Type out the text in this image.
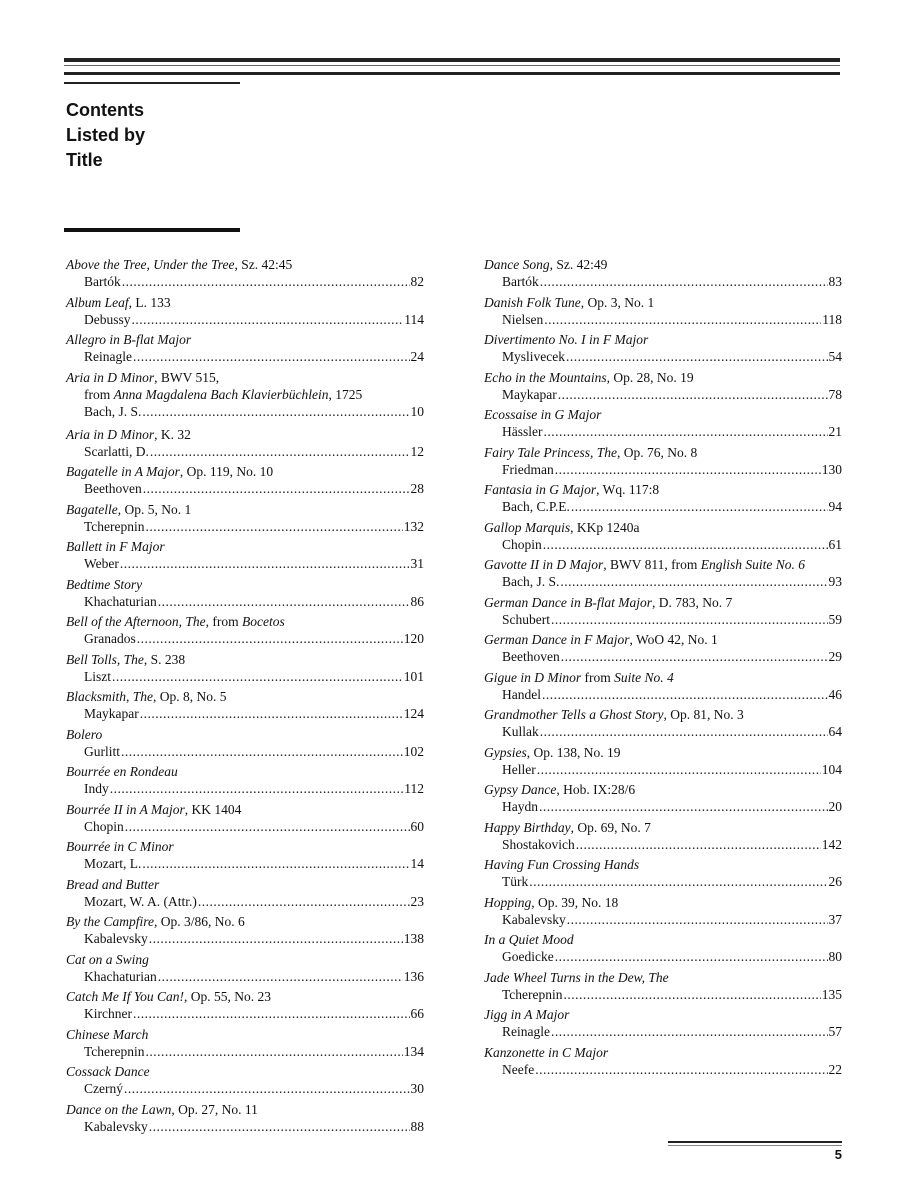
Contents
Listed by
Title
Above the Tree, Under the Tree, Sz. 42:45
Bartók .....	82
Album Leaf, L. 133
Debussy .....	114
Allegro in B-flat Major
Reinagle .....	24
Aria in D Minor, BWV 515,
from Anna Magdalena Bach Klavierbüchlein, 1725
Bach, J. S. .....	10
Aria in D Minor, K. 32
Scarlatti, D. .....	12
Bagatelle in A Major, Op. 119, No. 10
Beethoven .....	28
Bagatelle, Op. 5, No. 1
Tcherepnin .....	132
Ballett in F Major
Weber .....	31
Bedtime Story
Khachaturian .....	86
Bell of the Afternoon, The, from Bocetos
Granados .....	120
Bell Tolls, The, S. 238
Liszt .....	101
Blacksmith, The, Op. 8, No. 5
Maykapar .....	124
Bolero
Gurlitt .....	102
Bourrée en Rondeau
Indy .....	112
Bourrée II in A Major, KK 1404
Chopin .....	60
Bourrée in C Minor
Mozart, L. .....	14
Bread and Butter
Mozart, W. A. (Attr.) .....	23
By the Campfire, Op. 3/86, No. 6
Kabalevsky .....	138
Cat on a Swing
Khachaturian .....	136
Catch Me If You Can!, Op. 55, No. 23
Kirchner .....	66
Chinese March
Tcherepnin .....	134
Cossack Dance
Czerný .....	30
Dance on the Lawn, Op. 27, No. 11
Kabalevsky .....	88
Dance Song, Sz. 42:49
Bartók .....	83
Danish Folk Tune, Op. 3, No. 1
Nielsen .....	118
Divertimento No. I in F Major
Myslivecek .....	54
Echo in the Mountains, Op. 28, No. 19
Maykapar .....	78
Ecossaise in G Major
Hässler .....	21
Fairy Tale Princess, The, Op. 76, No. 8
Friedman .....	130
Fantasia in G Major, Wq. 117:8
Bach, C.P.E. .....	94
Gallop Marquis, KKp 1240a
Chopin .....	61
Gavotte II in D Major, BWV 811, from English Suite No. 6
Bach, J. S. .....	93
German Dance in B-flat Major, D. 783, No. 7
Schubert .....	59
German Dance in F Major, WoO 42, No. 1
Beethoven .....	29
Gigue in D Minor from Suite No. 4
Handel .....	46
Grandmother Tells a Ghost Story, Op. 81, No. 3
Kullak .....	64
Gypsies, Op. 138, No. 19
Heller .....	104
Gypsy Dance, Hob. IX:28/6
Haydn .....	20
Happy Birthday, Op. 69, No. 7
Shostakovich .....	142
Having Fun Crossing Hands
Türk .....	26
Hopping, Op. 39, No. 18
Kabalevsky .....	37
In a Quiet Mood
Goedicke .....	80
Jade Wheel Turns in the Dew, The
Tcherepnin .....	135
Jigg in A Major
Reinagle .....	57
Kanzonette in C Major
Neefe .....	22
5
